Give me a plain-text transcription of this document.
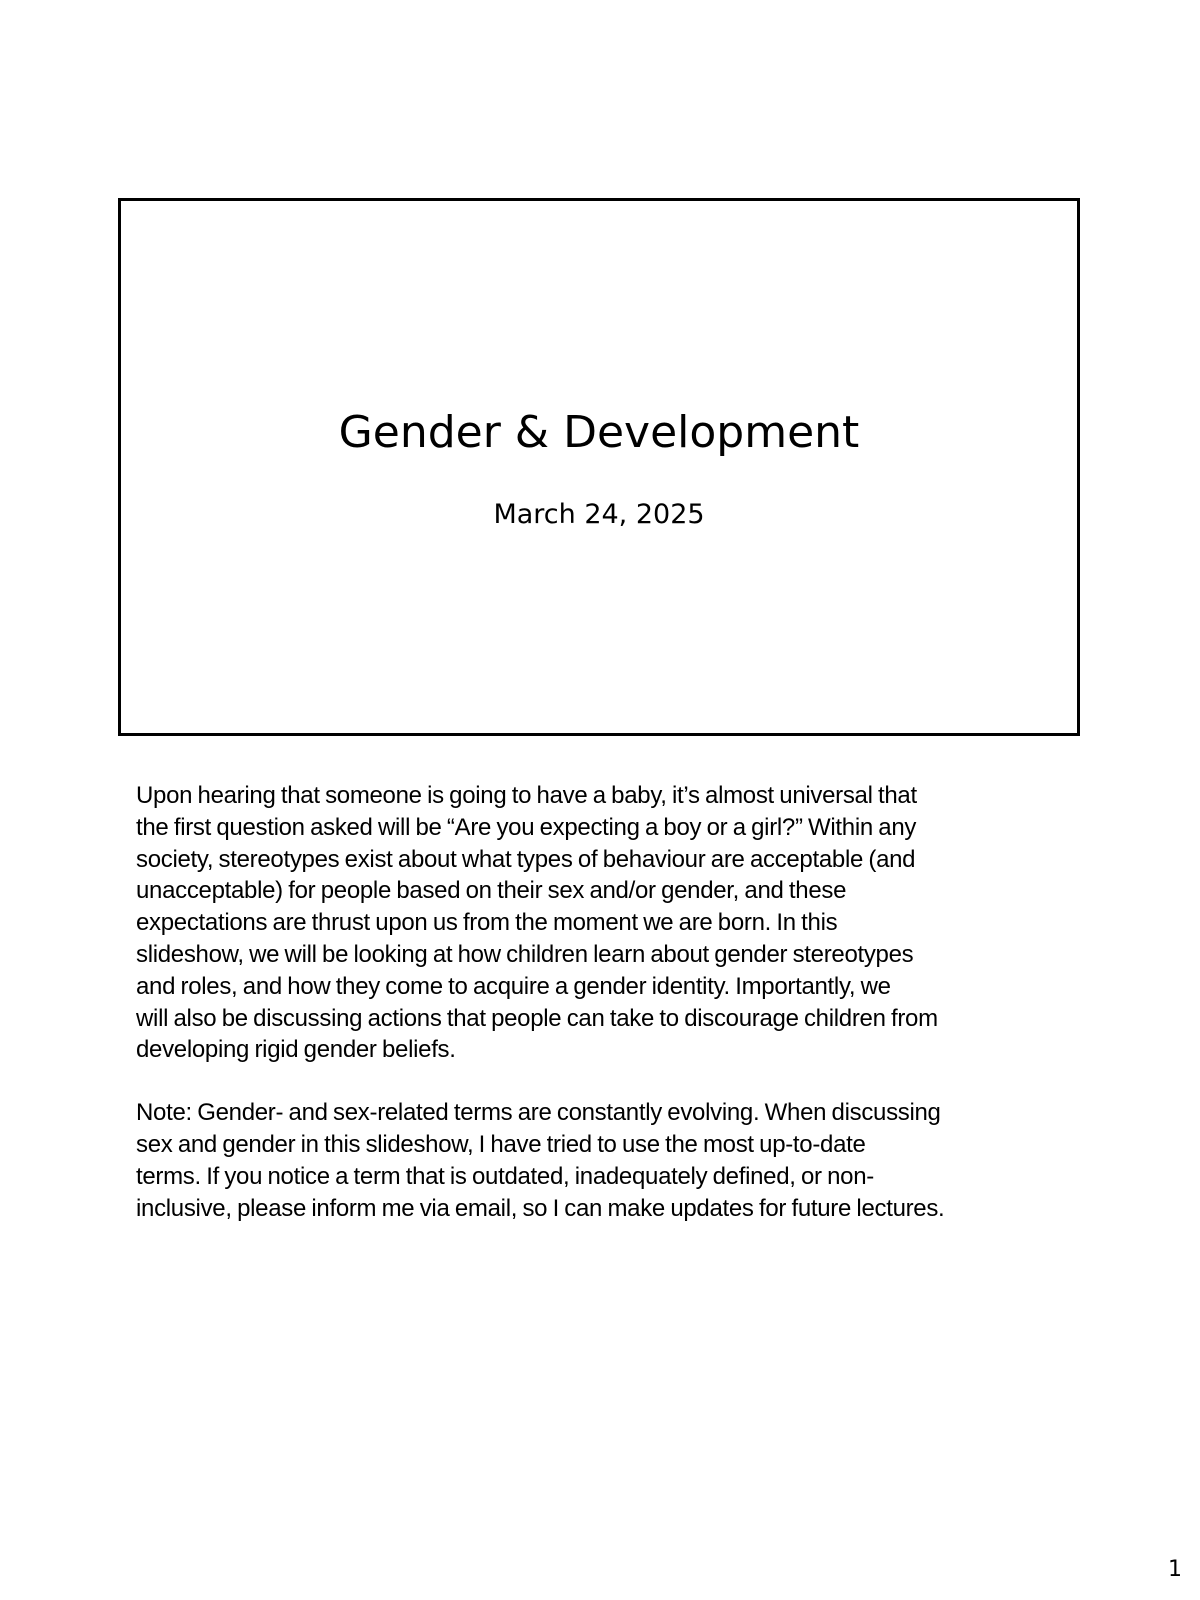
Gender & Development
March 24, 2025

Upon hearing that someone is going to have a baby, it’s almost universal that
the first question asked will be “Are you expecting a boy or a girl?” Within any
society, stereotypes exist about what types of behaviour are acceptable (and
unacceptable) for people based on their sex and/or gender, and these
expectations are thrust upon us from the moment we are born. In this
slideshow, we will be looking at how children learn about gender stereotypes
and roles, and how they come to acquire a gender identity. Importantly, we
will also be discussing actions that people can take to discourage children from
developing rigid gender beliefs.

Note: Gender- and sex-related terms are constantly evolving. When discussing
sex and gender in this slideshow, I have tried to use the most up-to-date
terms. If you notice a term that is outdated, inadequately defined, or non-
inclusive, please inform me via email, so I can make updates for future lectures.

1
